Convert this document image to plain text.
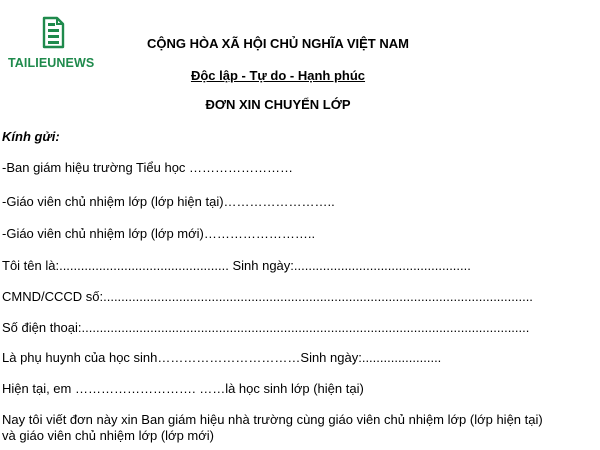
TAILIEUNEWS
CỘNG HÒA XÃ HỘI CHỦ NGHĨA VIỆT NAM
Độc lập - Tự do - Hạnh phúc
ĐƠN XIN CHUYỂN LỚP
Kính gửi:
-Ban giám hiệu trường Tiểu học ……………………
-Giáo viên chủ nhiệm lớp (lớp hiện tại)……………………..
-Giáo viên chủ nhiệm lớp (lớp mới)……………………..
Tôi tên là:............................................... Sinh ngày:.................................................
CMND/CCCD số:.......................................................................................................................
Số điện thoại:............................................................................................................................
Là phụ huynh của học sinh……………………………Sinh ngày:......................
Hiện tại, em ………………………. ……là học sinh lớp (hiện tại)
Nay tôi viết đơn này xin Ban giám hiệu nhà trường cùng giáo viên chủ nhiệm lớp (lớp hiện tại)
và giáo viên chủ nhiệm lớp (lớp mới)
